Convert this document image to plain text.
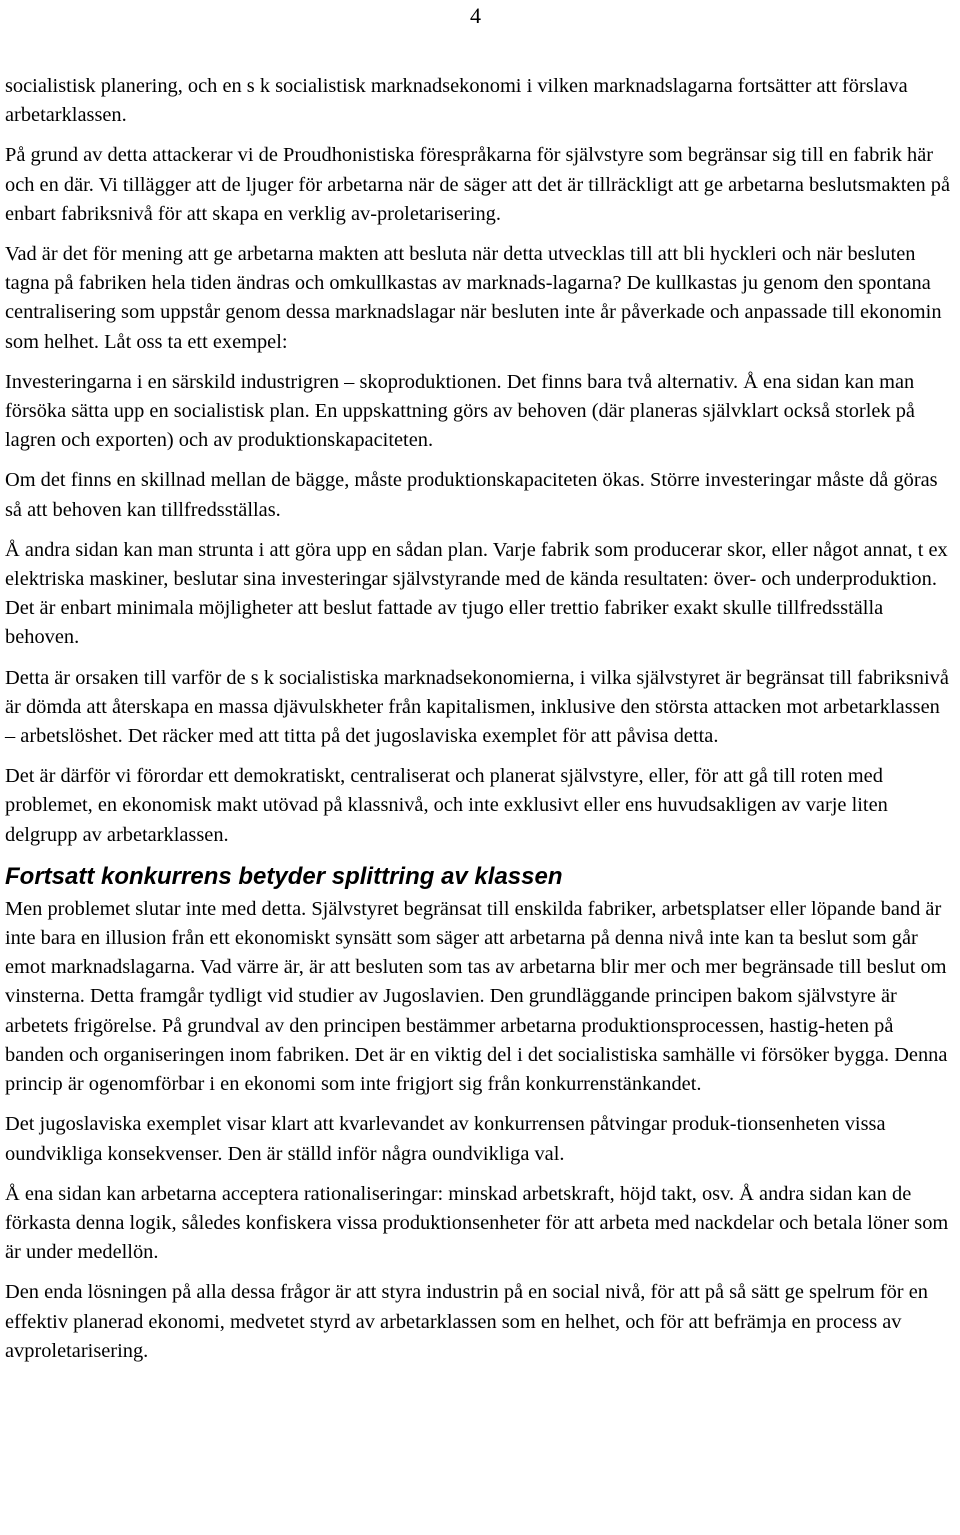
4

socialistisk planering, och en s k socialistisk marknadsekonomi i vilken marknadslagarna fortsätter att förslava arbetarklassen.

På grund av detta attackerar vi de Proudhonistiska förespråkarna för självstyre som begränsar sig till en fabrik här och en där. Vi tillägger att de ljuger för arbetarna när de säger att det är tillräckligt att ge arbetarna beslutsmakten på enbart fabriksnivå för att skapa en verklig av-proletarisering.

Vad är det för mening att ge arbetarna makten att besluta när detta utvecklas till att bli hyckleri och när besluten tagna på fabriken hela tiden ändras och omkullkastas av marknads-lagarna? De kullkastas ju genom den spontana centralisering som uppstår genom dessa marknadslagar när besluten inte år påverkade och anpassade till ekonomin som helhet. Låt oss ta ett exempel:

Investeringarna i en särskild industrigren – skoproduktionen. Det finns bara två alternativ. Å ena sidan kan man försöka sätta upp en socialistisk plan. En uppskattning görs av behoven (där planeras självklart också storlek på lagren och exporten) och av produktionskapaciteten.

Om det finns en skillnad mellan de bägge, måste produktionskapaciteten ökas. Större investeringar måste då göras så att behoven kan tillfredsställas.

Å andra sidan kan man strunta i att göra upp en sådan plan. Varje fabrik som producerar skor, eller något annat, t ex elektriska maskiner, beslutar sina investeringar självstyrande med de kända resultaten: över- och underproduktion. Det är enbart minimala möjligheter att beslut fattade av tjugo eller trettio fabriker exakt skulle tillfredsställa behoven.

Detta är orsaken till varför de s k socialistiska marknadsekonomierna, i vilka självstyret är begränsat till fabriksnivå är dömda att återskapa en massa djävulskheter från kapitalismen, inklusive den största attacken mot arbetarklassen – arbetslöshet. Det räcker med att titta på det jugoslaviska exemplet för att påvisa detta.

Det är därför vi förordar ett demokratiskt, centraliserat och planerat självstyre, eller, för att gå till roten med problemet, en ekonomisk makt utövad på klassnivå, och inte exklusivt eller ens huvudsakligen av varje liten delgrupp av arbetarklassen.

Fortsatt konkurrens betyder splittring av klassen

Men problemet slutar inte med detta. Självstyret begränsat till enskilda fabriker, arbetsplatser eller löpande band är inte bara en illusion från ett ekonomiskt synsätt som säger att arbetarna på denna nivå inte kan ta beslut som går emot marknadslagarna. Vad värre är, är att besluten som tas av arbetarna blir mer och mer begränsade till beslut om vinsterna. Detta framgår tydligt vid studier av Jugoslavien. Den grundläggande principen bakom självstyre är arbetets frigörelse. På grundval av den principen bestämmer arbetarna produktionsprocessen, hastig-heten på banden och organiseringen inom fabriken. Det är en viktig del i det socialistiska samhälle vi försöker bygga. Denna princip är ogenomförbar i en ekonomi som inte frigjort sig från konkurrenstänkandet.

Det jugoslaviska exemplet visar klart att kvarlevandet av konkurrensen påtvingar produk-tionsenheten vissa oundvikliga konsekvenser. Den är ställd inför några oundvikliga val.

Å ena sidan kan arbetarna acceptera rationaliseringar: minskad arbetskraft, höjd takt, osv. Å andra sidan kan de förkasta denna logik, således konfiskera vissa produktionsenheter för att arbeta med nackdelar och betala löner som är under medellön.

Den enda lösningen på alla dessa frågor är att styra industrin på en social nivå, för att på så sätt ge spelrum för en effektiv planerad ekonomi, medvetet styrd av arbetarklassen som en helhet, och för att befrämja en process av avproletarisering.
